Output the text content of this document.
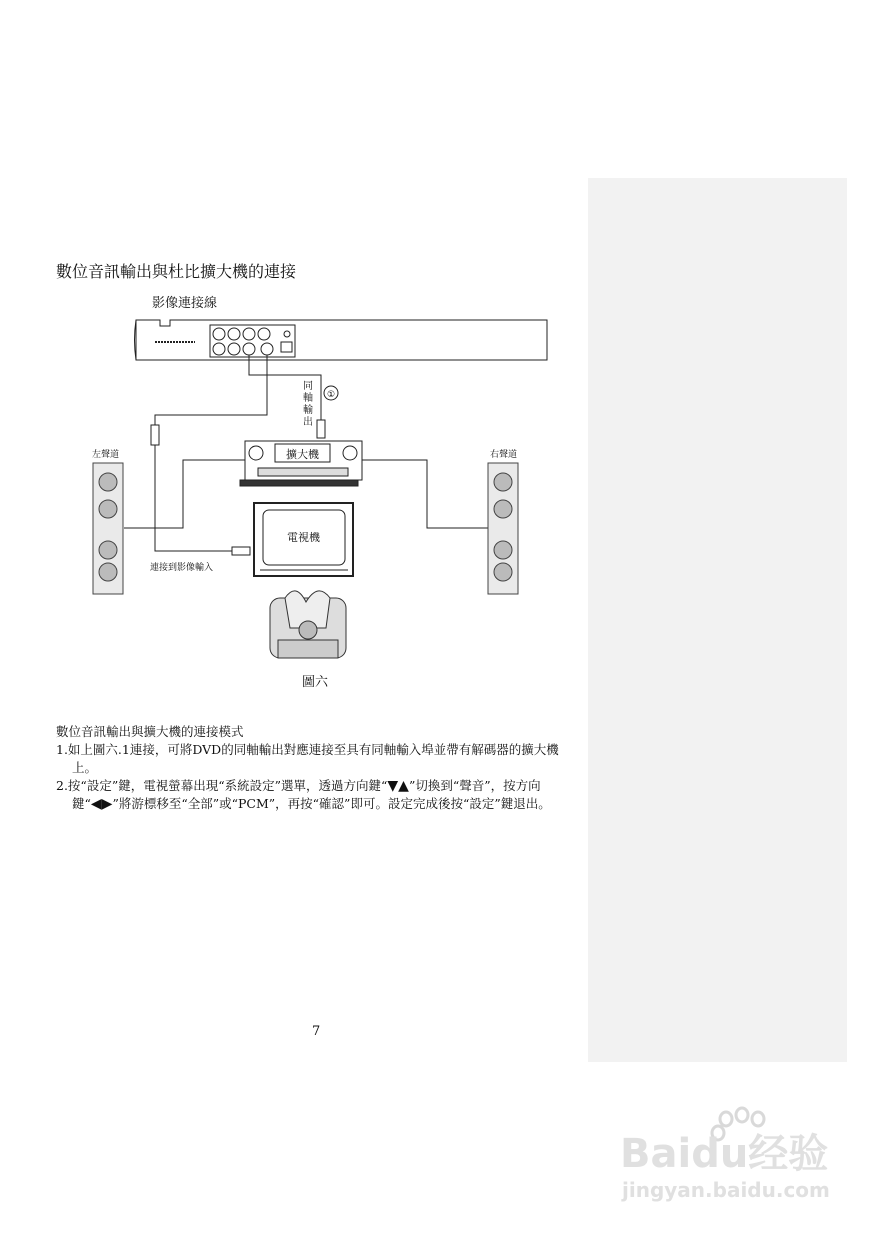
數位音訊輸出與杜比擴大機的連接
影像連接線
同
軸
輸
出
①
擴大機
左聲道	右聲道
電視機
連接到影像輸入
圖六

數位音訊輸出與擴大機的連接模式

1.如上圖六.1連接，可將DVD的同軸輸出對應連接至具有同軸輸入埠並帶有解碼器的擴大機上。

2.按“設定”鍵，電視螢幕出現“系統設定”選單，透過方向鍵“▼▲”切換到“聲音”，按方向鍵“◀▶”將游標移至“全部”或“PCM”，再按“確認”即可。設定完成後按“設定”鍵退出。

7
Baidu经验
jingyan.baidu.com
